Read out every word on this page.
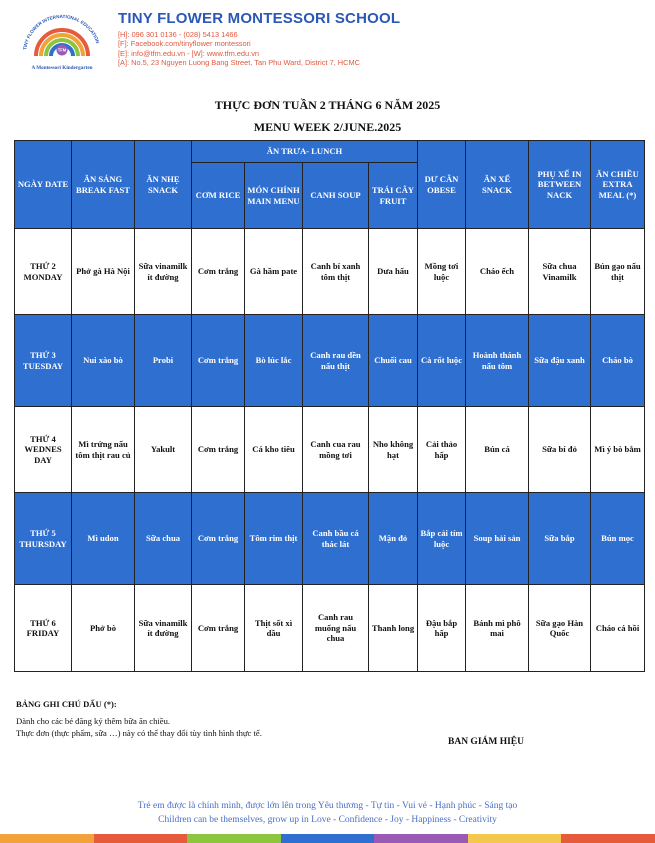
TINY FLOWER INTERNATIONAL EDUCATION
TFM
A Montessori Kindergarten
TINY FLOWER MONTESSORI SCHOOL
[H]: 096 301 0136 - (028) 5413 1466
[F]: Facebook.com/tinyflower montessori
[E]: info@tfm.edu.vn - [W]: www.tfm.edu.vn
[A]: No.5, 23 Nguyen Luong Bang Street, Tan Phu Ward, District 7, HCMC
THỰC ĐƠN TUẦN 2 THÁNG 6 NĂM 2025
MENU WEEK 2/JUNE.2025
NGÀY DATE	ĂN SÁNG BREAK FAST	ĂN NHẸ SNACK	ĂN TRƯA- LUNCH				DƯ CÂN OBESE	ĂN XẾ SNACK	PHỤ XẾ IN BETWEEN NACK	ĂN CHIỀU EXTRA MEAL (*)
			CƠM RICE	MÓN CHÍNH MAIN MENU	CANH SOUP	TRÁI CÂY FRUIT				
THỨ 2 MONDAY	Phở gà Hà Nội	Sữa vinamilk ít đường	Cơm trắng	Gà hầm pate	Canh bí xanh tôm thịt	Dưa hấu	Mồng tơi luộc	Cháo ếch	Sữa chua Vinamilk	Bún gạo nấu thịt
THỨ 3 TUESDAY	Nui xào bò	Probi	Cơm trắng	Bò lúc lắc	Canh rau dền nấu thịt	Chuối cau	Cà rốt luộc	Hoành thánh nấu tôm	Sữa đậu xanh	Cháo bò
THỨ 4 WEDNES DAY	Mì trứng nấu tôm thịt rau củ	Yakult	Cơm trắng	Cá kho tiêu	Canh cua rau mồng tơi	Nho không hạt	Cải thảo hấp	Bún cá	Sữa bí đỏ	Mì ý bò bằm
THỨ 5 THURSDAY	Mì udon	Sữa chua	Cơm trắng	Tôm rim thịt	Canh bầu cá thác lát	Mận đỏ	Bắp cải tím luộc	Soup hải sản	Sữa bắp	Bún mọc
THỨ 6 FRIDAY	Phở bò	Sữa vinamilk ít đường	Cơm trắng	Thịt sốt xì dầu	Canh rau muống nấu chua	Thanh long	Đậu bắp hấp	Bánh mì phô mai	Sữa gạo Hàn Quốc	Cháo cá hồi
BẢNG GHI CHÚ DẤU (*):
Dành cho các bé đăng ký thêm bữa ăn chiều.
Thực đơn (thực phẩm, sữa …) này có thể thay đổi tùy tình hình thực tế.
BAN GIÁM HIỆU
Trẻ em được là chính mình, được lớn lên trong Yêu thương - Tự tin - Vui vẻ - Hạnh phúc - Sáng tạo
Children can be themselves, grow up in Love - Confidence - Joy - Happiness - Creativity
